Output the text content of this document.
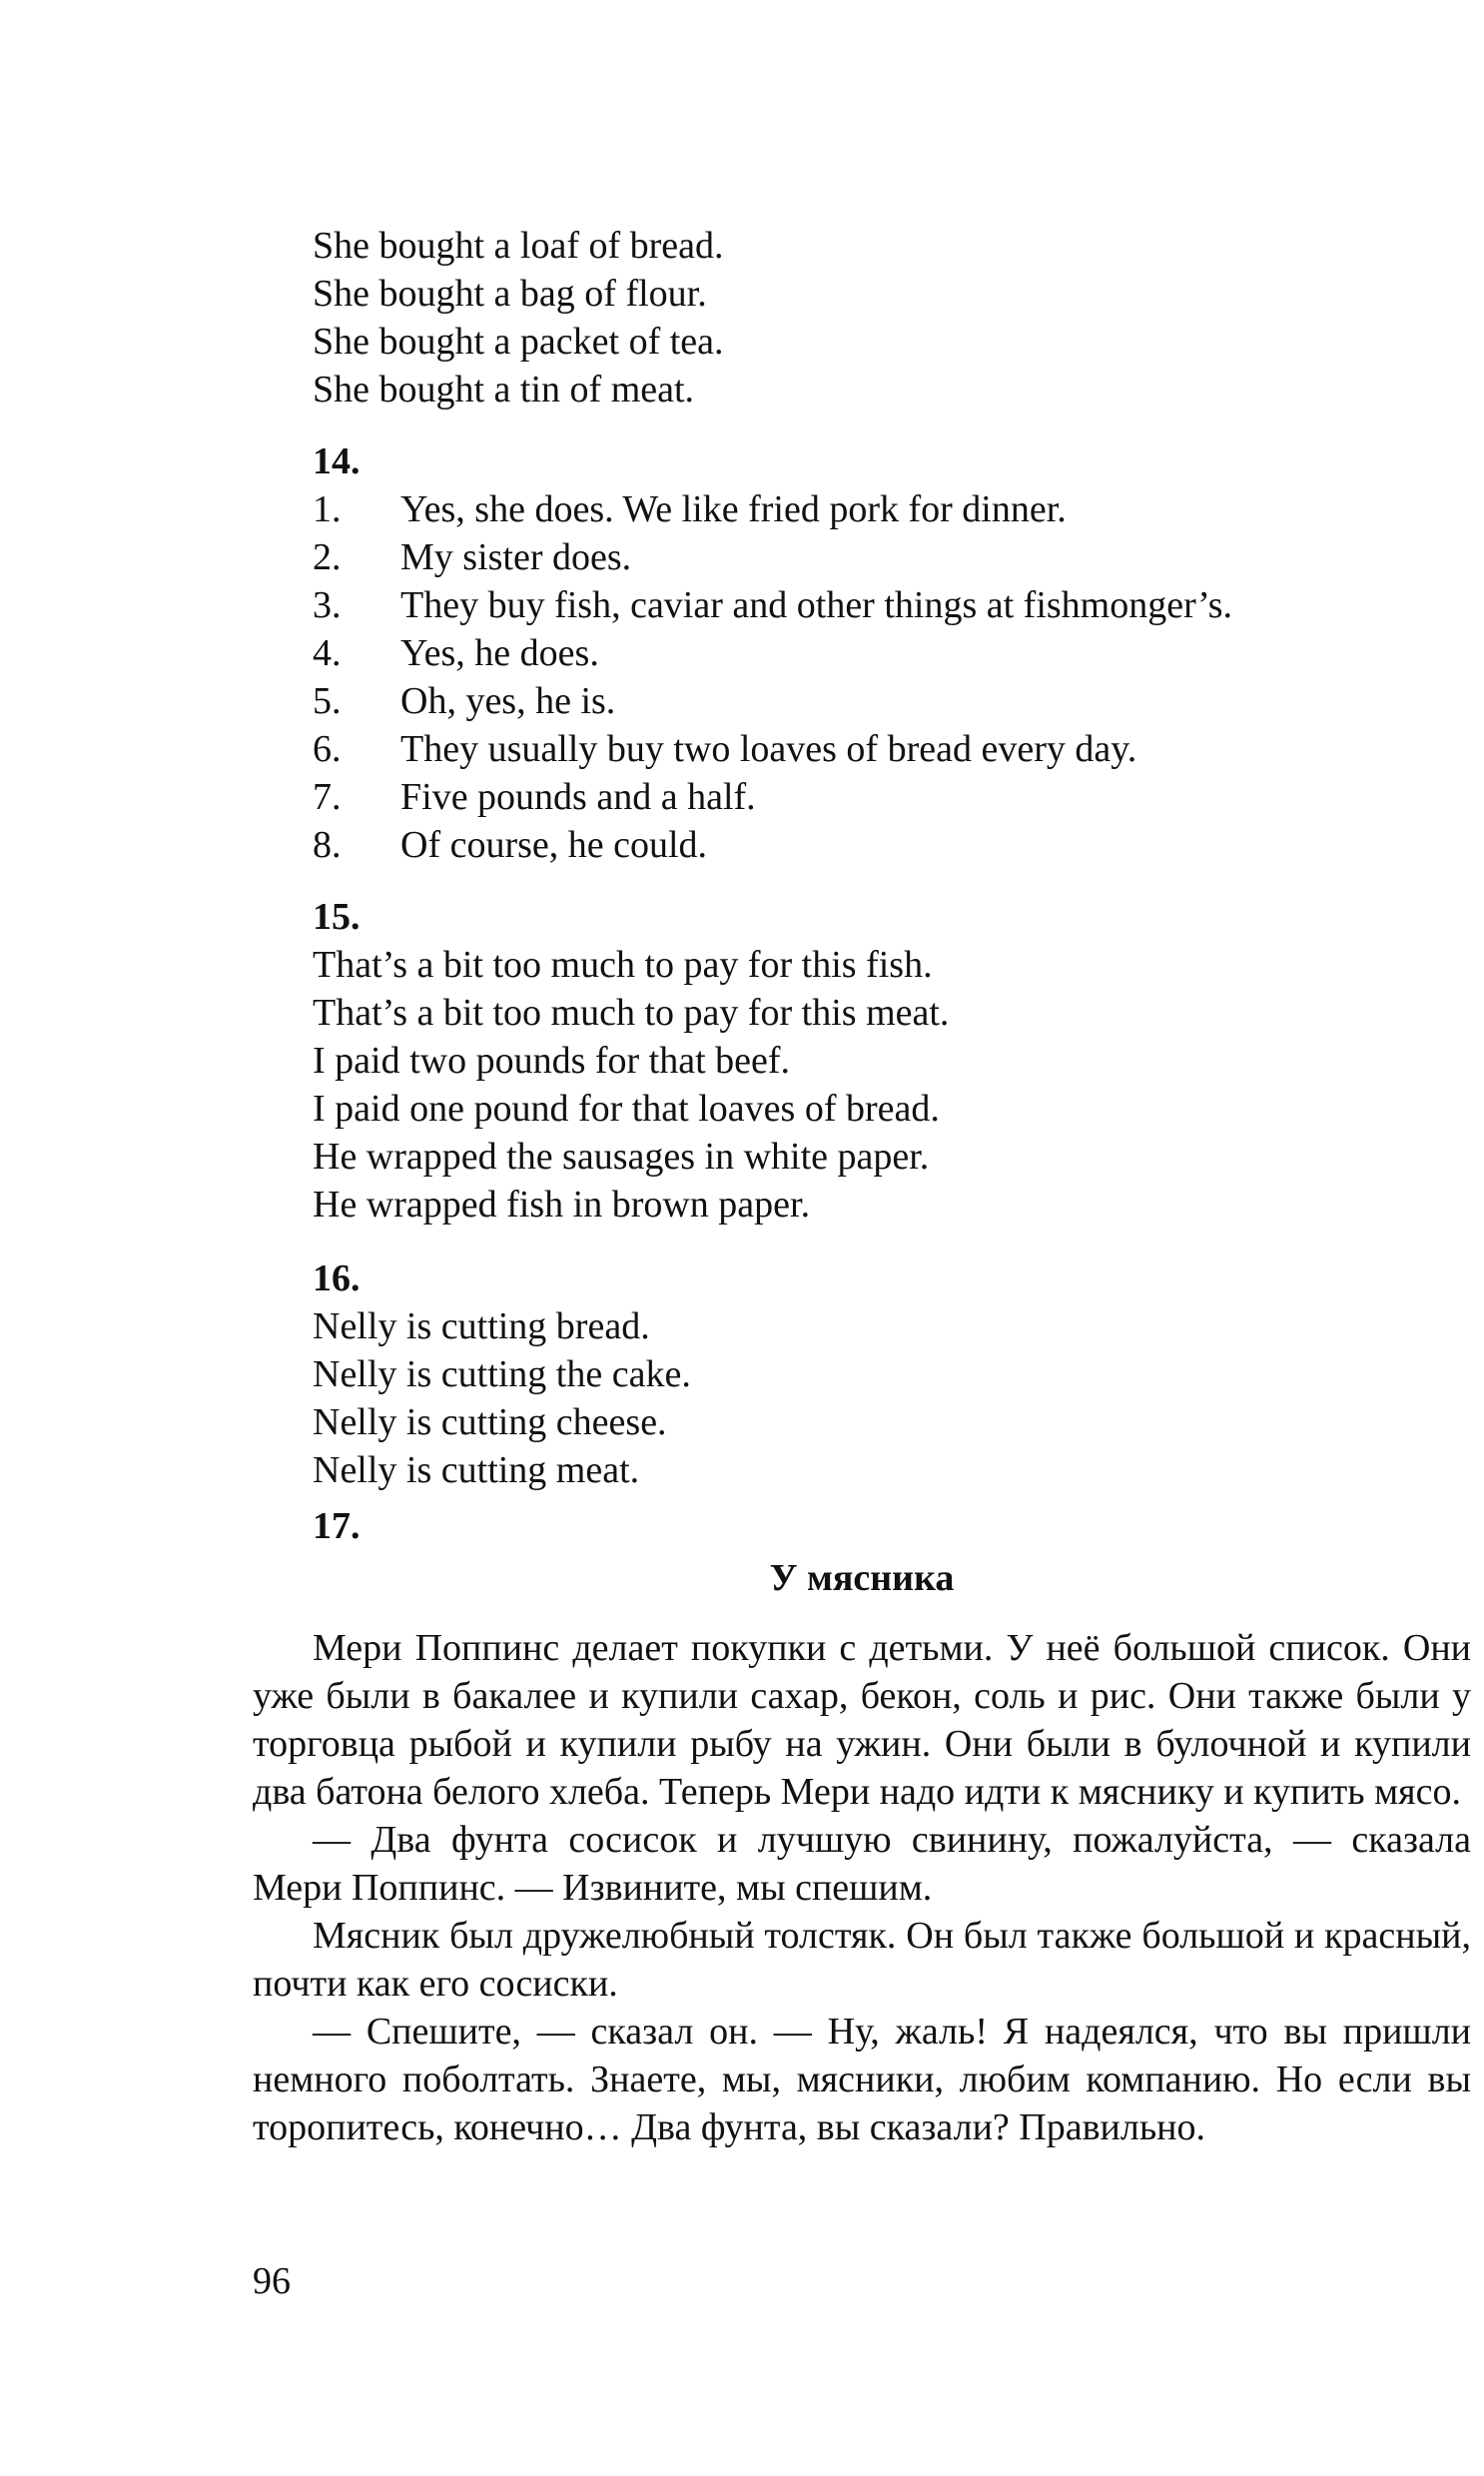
She bought a loaf of bread.
She bought a bag of flour.
She bought a packet of tea.
She bought a tin of meat.
14.
1.	Yes, she does. We like fried pork for dinner.
2.	My sister does.
3.	They buy fish, caviar and other things at fishmonger’s.
4.	Yes, he does.
5.	Oh, yes, he is.
6.	They usually buy two loaves of bread every day.
7.	Five pounds and a half.
8.	Of course, he could.
15.
That’s a bit too much to pay for this fish.
That’s a bit too much to pay for this meat.
I paid two pounds for that beef.
I paid one pound for that loaves of bread.
He wrapped the sausages in white paper.
He wrapped fish in brown paper.
16.
Nelly is cutting bread.
Nelly is cutting the cake.
Nelly is cutting cheese.
Nelly is cutting meat.
17.
У мясника

Мери Поппинс делает покупки с детьми. У неё большой список. Они уже были в бакалее и купили сахар, бекон, соль и рис. Они также были у торговца рыбой и купили рыбу на ужин. Они были в булочной и купили два батона белого хлеба. Теперь Мери надо идти к мяснику и купить мясо.

— Два фунта сосисок и лучшую свинину, пожалуйста, — сказала Мери Поппинс. — Извините, мы спешим.

Мясник был дружелюбный толстяк. Он был также большой и красный, почти как его сосиски.

— Спешите, — сказал он. — Ну, жаль! Я надеялся, что вы пришли немного поболтать. Знаете, мы, мясники, любим компанию. Но если вы торопитесь, конечно… Два фунта, вы сказали? Правильно.

96
